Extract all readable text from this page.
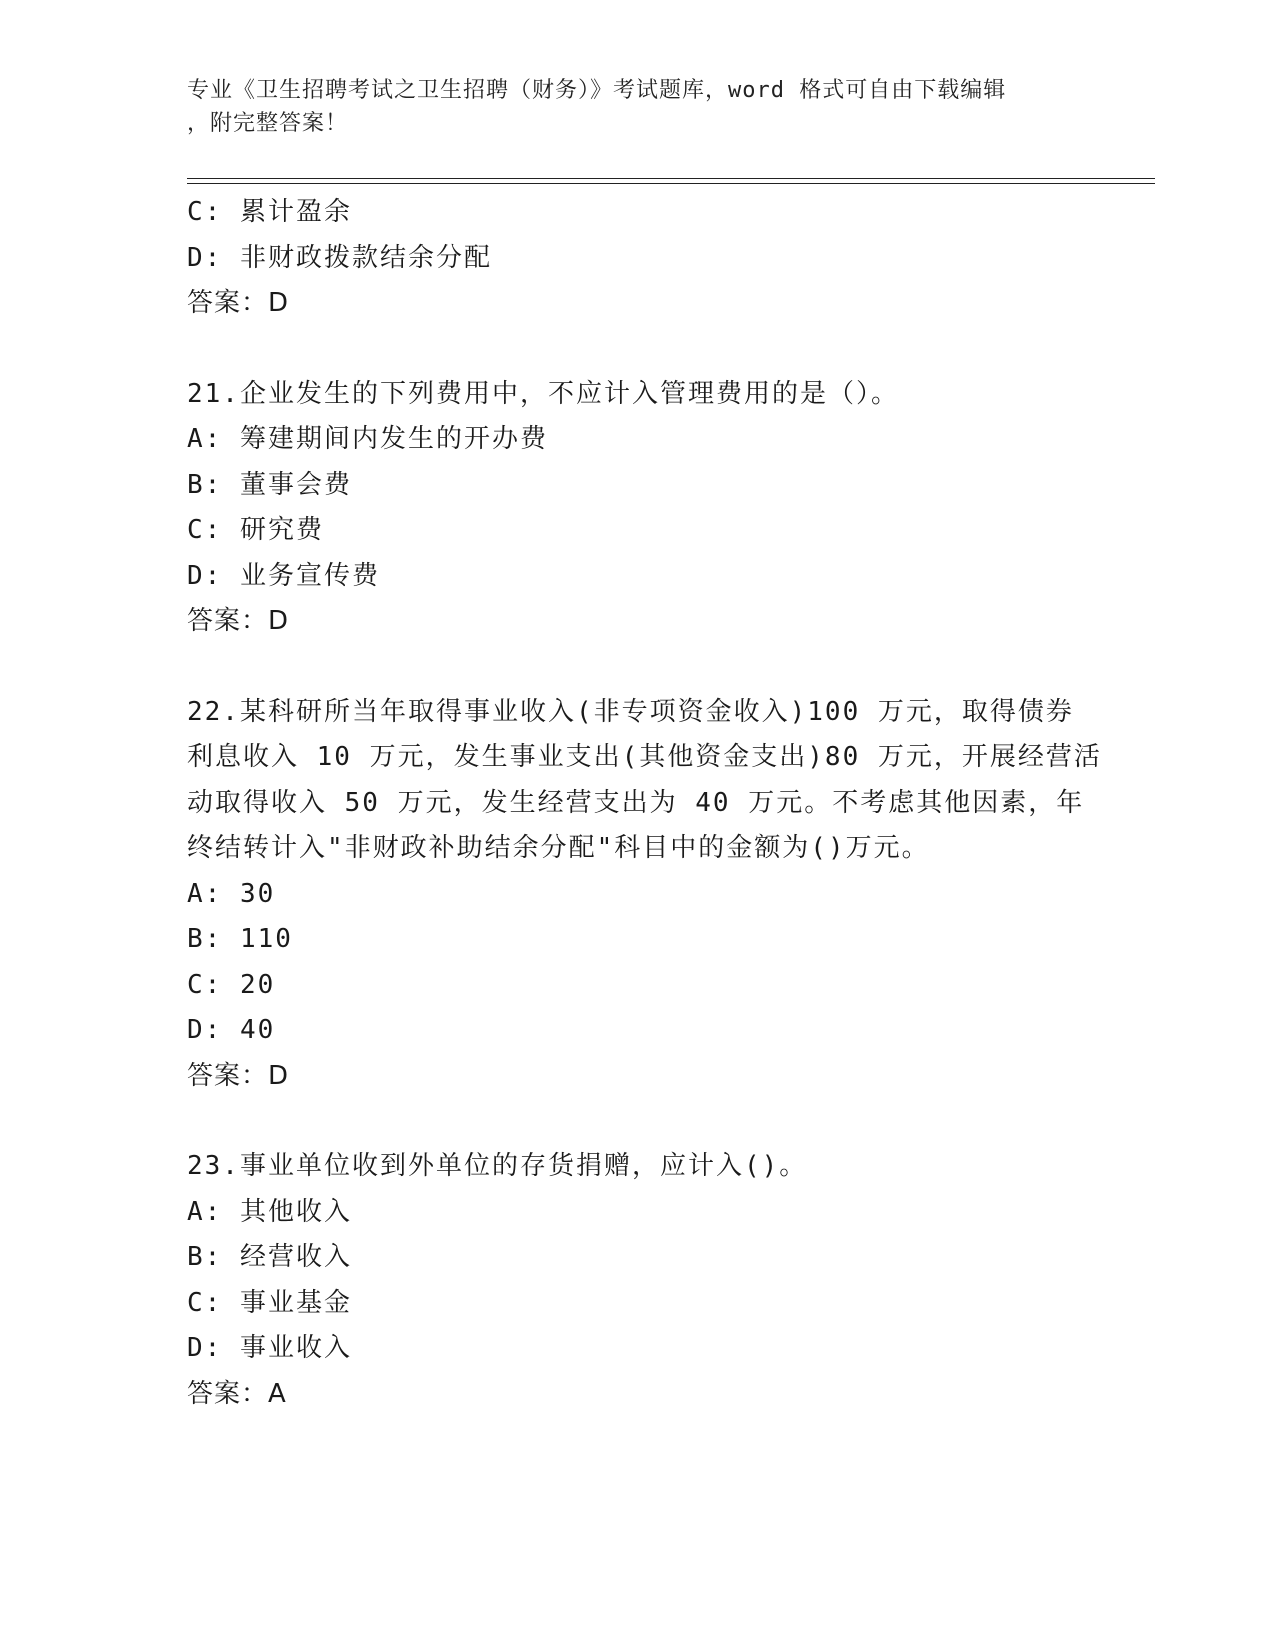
专业《卫生招聘考试之卫生招聘（财务）》考试题库，word 格式可自由下载编辑
，附完整答案！
C: 累计盈余
D: 非财政拨款结余分配
答案：D
21.企业发生的下列费用中，不应计入管理费用的是（）。
A: 筹建期间内发生的开办费
B: 董事会费
C: 研究费
D: 业务宣传费
答案：D
22.某科研所当年取得事业收入(非专项资金收入)100 万元，取得债券
利息收入 10 万元，发生事业支出(其他资金支出)80 万元，开展经营活
动取得收入 50 万元，发生经营支出为 40 万元。不考虑其他因素，年
终结转计入"非财政补助结余分配"科目中的金额为()万元。
A: 30
B: 110
C: 20
D: 40
答案：D
23.事业单位收到外单位的存货捐赠，应计入()。
A: 其他收入
B: 经营收入
C: 事业基金
D: 事业收入
答案：A
